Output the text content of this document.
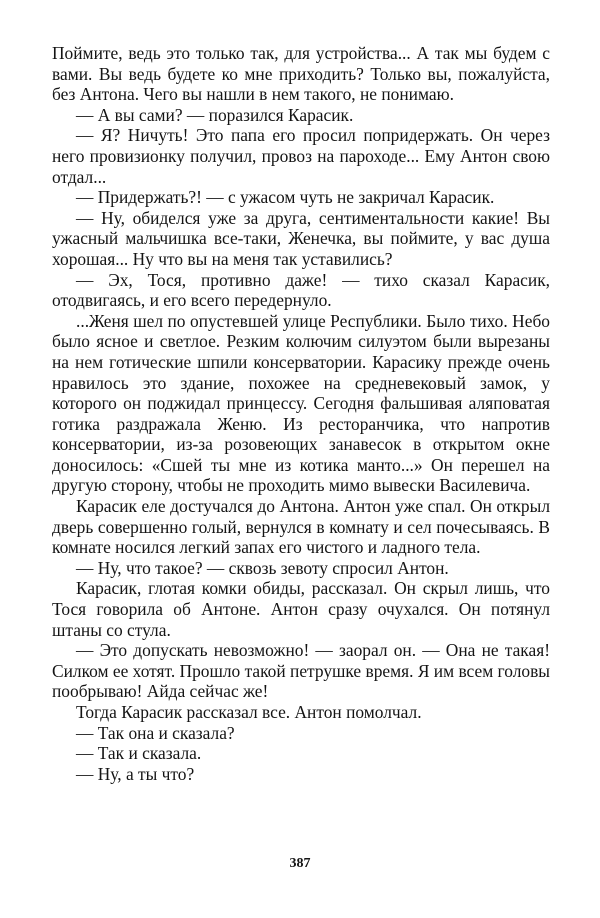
Поймите, ведь это только так, для устройства... А так мы будем с вами. Вы ведь будете ко мне приходить? Только вы, пожалуйста, без Антона. Чего вы нашли в нем такого, не понимаю.

— А вы сами? — поразился Карасик.

— Я? Ничуть! Это папа его просил попридержать. Он через него провизионку получил, провоз на пароходе... Ему Антон свою отдал...

— Придержать?! — с ужасом чуть не закричал Карасик.

— Ну, обиделся уже за друга, сентиментальности какие! Вы ужасный мальчишка все-таки, Женечка, вы поймите, у вас душа хорошая... Ну что вы на меня так уставились?

— Эх, Тося, противно даже! — тихо сказал Карасик, отодвигаясь, и его всего передернуло.

...Женя шел по опустевшей улице Республики. Было тихо. Небо было ясное и светлое. Резким колючим силуэтом были вырезаны на нем готические шпили консерватории. Карасику прежде очень нравилось это здание, похожее на средневековый замок, у которого он поджидал принцессу. Сегодня фальшивая аляповатая готика раздражала Женю. Из ресторанчика, что напротив консерватории, из-за розовеющих занавесок в открытом окне доносилось: «Сшей ты мне из котика манто...» Он перешел на другую сторону, чтобы не проходить мимо вывески Василевича.

Карасик еле достучался до Антона. Антон уже спал. Он открыл дверь совершенно голый, вернулся в комнату и сел почесываясь. В комнате носился легкий запах его чистого и ладного тела.

— Ну, что такое? — сквозь зевоту спросил Антон.

Карасик, глотая комки обиды, рассказал. Он скрыл лишь, что Тося говорила об Антоне. Антон сразу очухался. Он потянул штаны со стула.

— Это допускать невозможно! — заорал он. — Она не такая! Силком ее хотят. Прошло такой петрушке время. Я им всем головы пообрываю! Айда сейчас же!

Тогда Карасик рассказал все. Антон помолчал.

— Так она и сказала?

— Так и сказала.

— Ну, а ты что?

387
